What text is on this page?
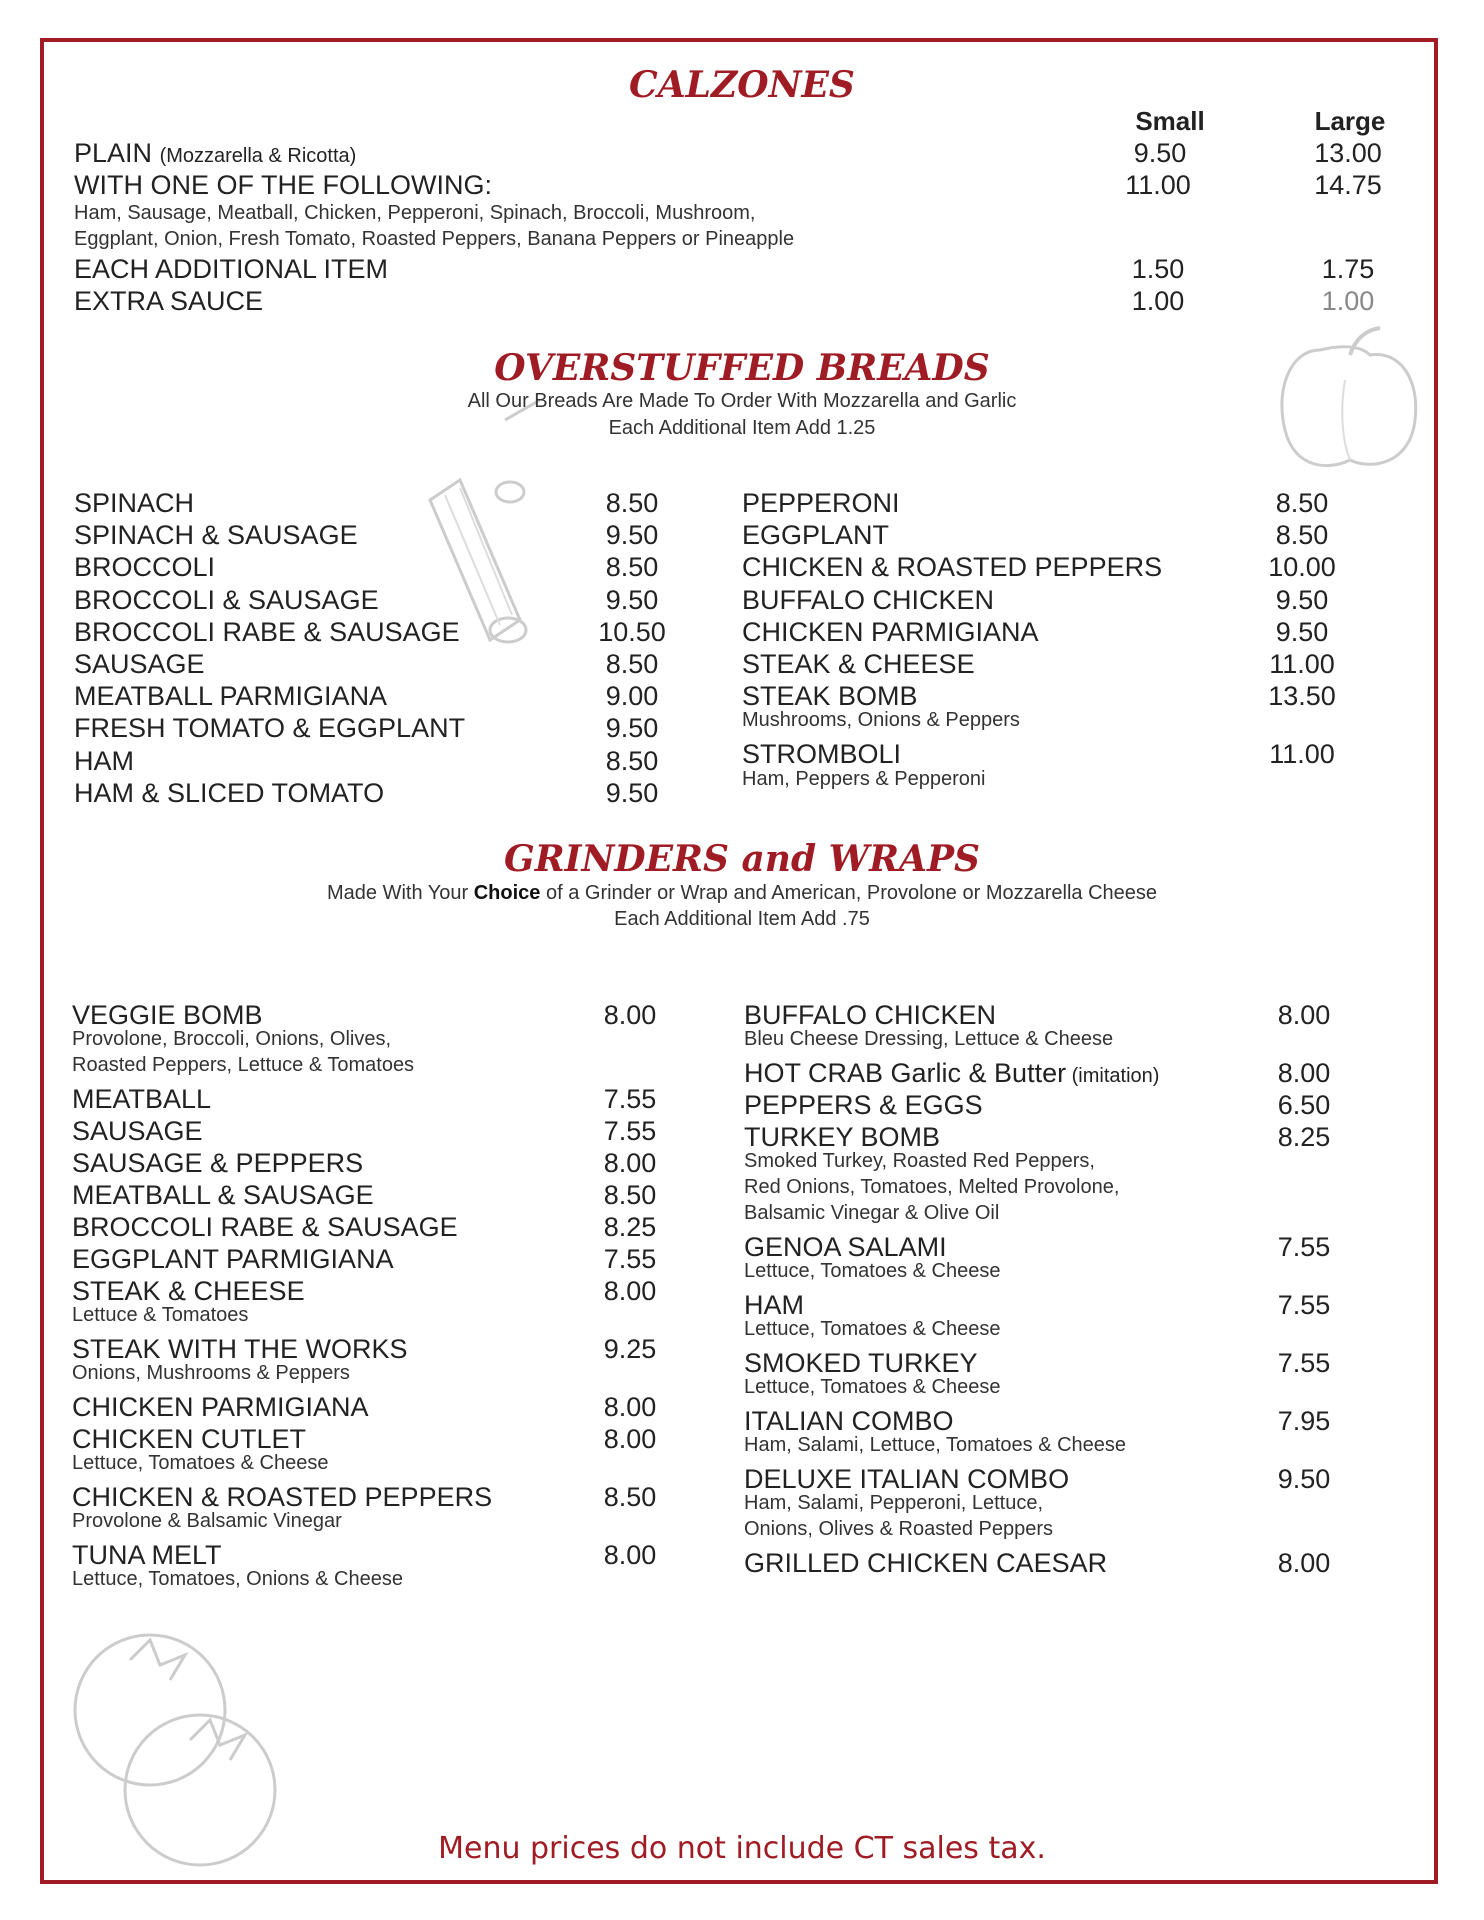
CALZONES
Small	Large
PLAIN (Mozzarella & Ricotta)	9.50	13.00
WITH ONE OF THE FOLLOWING:	11.00	14.75
Ham, Sausage, Meatball, Chicken, Pepperoni, Spinach, Broccoli, Mushroom,
Eggplant, Onion, Fresh Tomato, Roasted Peppers, Banana Peppers or Pineapple
EACH ADDITIONAL ITEM	1.50	1.75
EXTRA SAUCE	1.00	1.00
OVERSTUFFED BREADS
All Our Breads Are Made To Order With Mozzarella and Garlic
Each Additional Item Add 1.25
SPINACH	8.50
SPINACH & SAUSAGE	9.50
BROCCOLI	8.50
BROCCOLI & SAUSAGE	9.50
BROCCOLI RABE & SAUSAGE	10.50
SAUSAGE	8.50
MEATBALL PARMIGIANA	9.00
FRESH TOMATO & EGGPLANT	9.50
HAM	8.50
HAM & SLICED TOMATO	9.50
PEPPERONI	8.50
EGGPLANT	8.50
CHICKEN & ROASTED PEPPERS	10.00
BUFFALO CHICKEN	9.50
CHICKEN PARMIGIANA	9.50
STEAK & CHEESE	11.00
STEAK BOMB	13.50
Mushrooms, Onions & Peppers
STROMBOLI	11.00
Ham, Peppers & Pepperoni
GRINDERS and WRAPS
Made With Your Choice of a Grinder or Wrap and American, Provolone or Mozzarella Cheese
Each Additional Item Add .75
VEGGIE BOMB	8.00
Provolone, Broccoli, Onions, Olives,
Roasted Peppers, Lettuce & Tomatoes
MEATBALL	7.55
SAUSAGE	7.55
SAUSAGE & PEPPERS	8.00
MEATBALL & SAUSAGE	8.50
BROCCOLI RABE & SAUSAGE	8.25
EGGPLANT PARMIGIANA	7.55
STEAK & CHEESE	8.00
Lettuce & Tomatoes
STEAK WITH THE WORKS	9.25
Onions, Mushrooms & Peppers
CHICKEN PARMIGIANA	8.00
CHICKEN CUTLET	8.00
Lettuce, Tomatoes & Cheese
CHICKEN & ROASTED PEPPERS	8.50
Provolone & Balsamic Vinegar
TUNA MELT	8.00
Lettuce, Tomatoes, Onions & Cheese
BUFFALO CHICKEN	8.00
Bleu Cheese Dressing, Lettuce & Cheese
HOT CRAB Garlic & Butter (imitation)	8.00
PEPPERS & EGGS	6.50
TURKEY BOMB	8.25
Smoked Turkey, Roasted Red Peppers,
Red Onions, Tomatoes, Melted Provolone,
Balsamic Vinegar & Olive Oil
GENOA SALAMI	7.55
Lettuce, Tomatoes & Cheese
HAM	7.55
Lettuce, Tomatoes & Cheese
SMOKED TURKEY	7.55
Lettuce, Tomatoes & Cheese
ITALIAN COMBO	7.95
Ham, Salami, Lettuce, Tomatoes & Cheese
DELUXE ITALIAN COMBO	9.50
Ham, Salami, Pepperoni, Lettuce,
Onions, Olives & Roasted Peppers
GRILLED CHICKEN CAESAR	8.00
Menu prices do not include CT sales tax.
